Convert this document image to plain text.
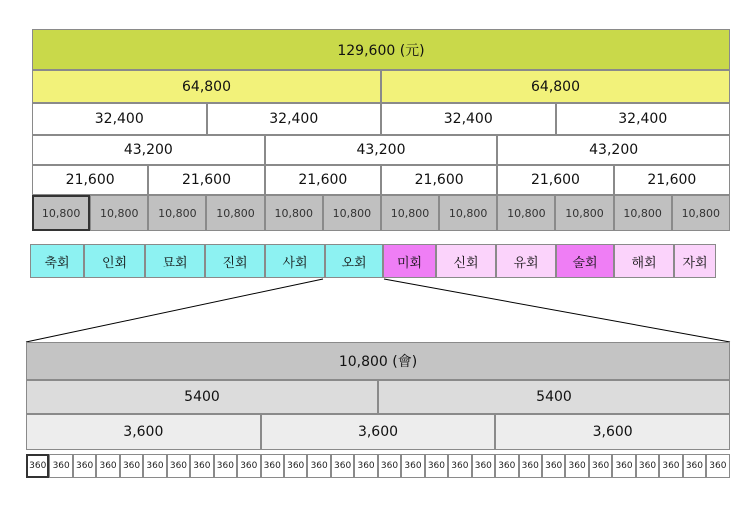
129,600 (元)
64,800	64,800
32,400	32,400	32,400	32,400
43,200	43,200	43,200
21,600	21,600	21,600	21,600	21,600	21,600
10,800	10,800	10,800	10,800	10,800	10,800	10,800	10,800	10,800	10,800	10,800	10,800
축회	인회	묘회	진회	사회	오회	미회	신회	유회	술회	해회	자회
10,800 (會)
5400	5400
3,600	3,600	3,600
360 360 360 360 360 360 360 360 360 360 360 360 360 360 360 360 360 360 360 360 360 360 360 360 360 360 360 360 360 360
